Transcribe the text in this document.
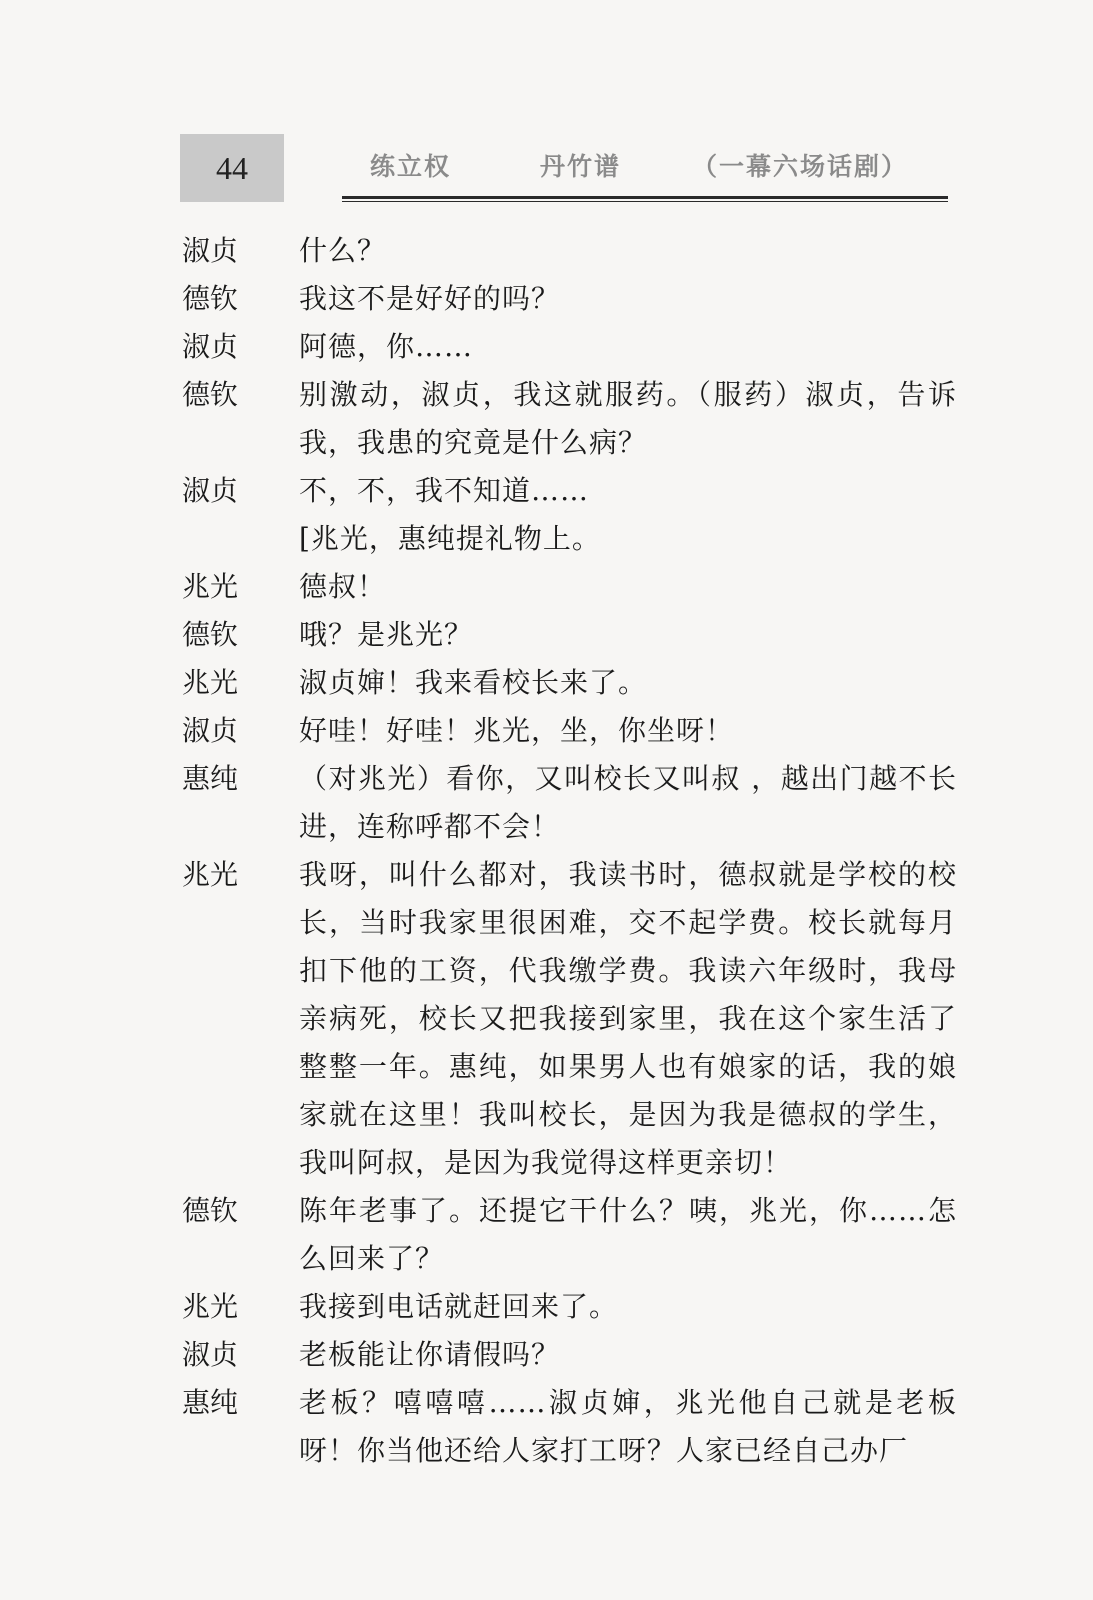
44	练立权	丹竹谱	（一幕六场话剧）
淑贞	什么？
德钦	我这不是好好的吗？
淑贞	阿德，你……
德钦	别激动，淑贞，我这就服药。（服药）淑贞，告诉我，我患的究竟是什么病？
淑贞	不，不，我不知道……
[兆光，惠纯提礼物上。
兆光	德叔！
德钦	哦？是兆光？
兆光	淑贞婶！我来看校长来了。
淑贞	好哇！好哇！兆光，坐，你坐呀！
惠纯	（对兆光）看你，又叫校长又叫叔 ，越出门越不长进，连称呼都不会！
兆光	我呀，叫什么都对，我读书时，德叔就是学校的校长，当时我家里很困难，交不起学费。校长就每月扣下他的工资，代我缴学费。我读六年级时，我母亲病死，校长又把我接到家里，我在这个家生活了整整一年。惠纯，如果男人也有娘家的话，我的娘家就在这里！我叫校长，是因为我是德叔的学生，我叫阿叔，是因为我觉得这样更亲切！
德钦	陈年老事了。还提它干什么？咦，兆光，你……怎么回来了？
兆光	我接到电话就赶回来了。
淑贞	老板能让你请假吗？
惠纯	老板？嘻嘻嘻……淑贞婶，兆光他自己就是老板呀！你当他还给人家打工呀？人家已经自己办厂
